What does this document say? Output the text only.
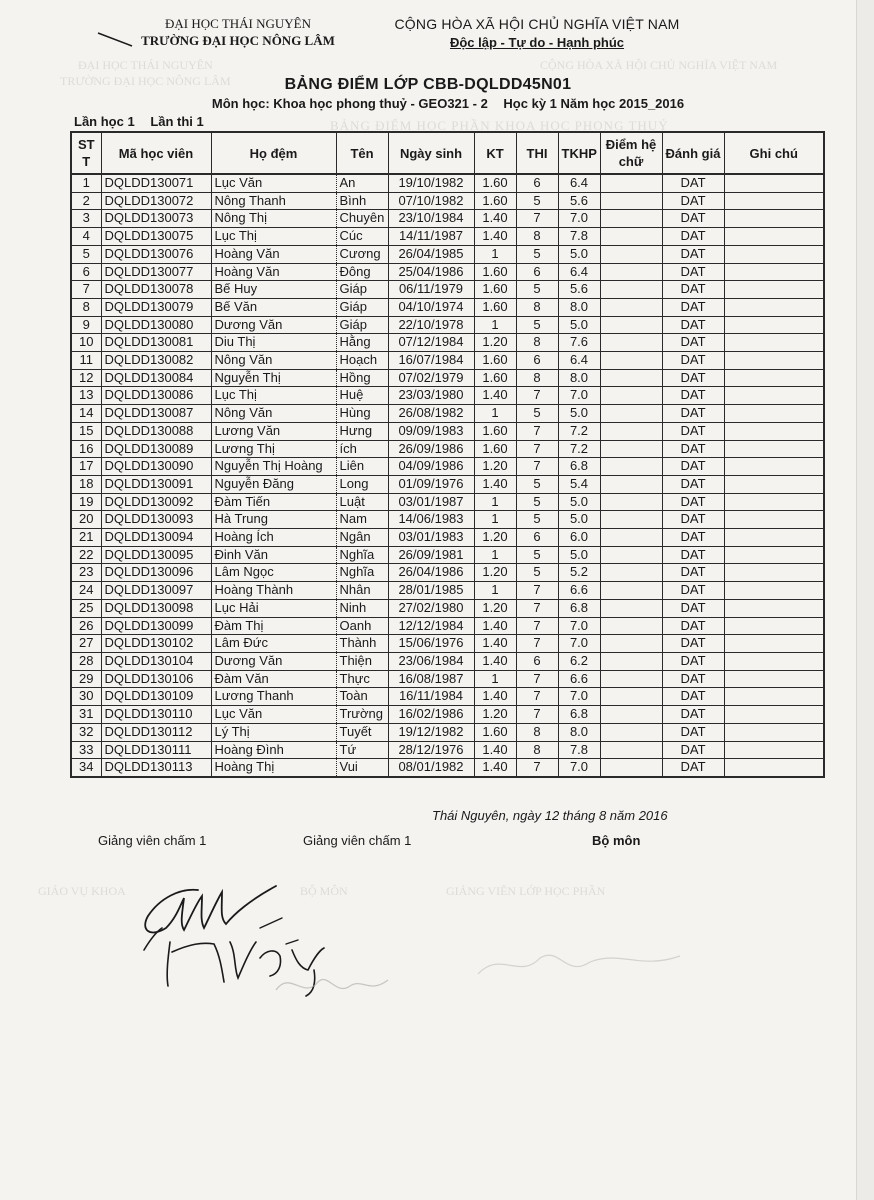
ĐẠI HỌC THÁI NGUYÊN
TRƯỜNG ĐẠI HỌC NÔNG LÂM
CỘNG HÒA XÃ HỘI CHỦ NGHĨA VIỆT NAM
BẢNG ĐIỂM HỌC PHẦN KHOA HỌC PHONG THUỶ
BỘ MÔN	GIẢNG VIÊN LỚP HỌC PHẦN
GIÁO VỤ KHOA
ĐẠI HỌC THÁI NGUYÊN
TRƯỜNG ĐẠI HỌC NÔNG LÂM
CỘNG HÒA XÃ HỘI CHỦ NGHĨA VIỆT NAM
Độc lập - Tự do - Hạnh phúc
BẢNG ĐIỂM LỚP CBB-DQLDD45N01
Môn học: Khoa học phong thuỷ - GEO321 - 2 Học kỳ 1 Năm học 2015_2016
Lần học 1 Lần thi 1
ST T	Mã học viên	Họ đệm	Tên	Ngày sinh	KT	THI	TKHP	Điểm hệ chữ	Đánh giá	Ghi chú
1	DQLDD130071	Lục Văn	An	19/10/1982	1.60	6	6.4		DAT	
2	DQLDD130072	Nông Thanh	Bình	07/10/1982	1.60	5	5.6		DAT	
3	DQLDD130073	Nông Thị	Chuyên	23/10/1984	1.40	7	7.0		DAT	
4	DQLDD130075	Lục Thị	Cúc	14/11/1987	1.40	8	7.8		DAT	
5	DQLDD130076	Hoàng Văn	Cương	26/04/1985	1	5	5.0		DAT	
6	DQLDD130077	Hoàng Văn	Đông	25/04/1986	1.60	6	6.4		DAT	
7	DQLDD130078	Bế Huy	Giáp	06/11/1979	1.60	5	5.6		DAT	
8	DQLDD130079	Bế Văn	Giáp	04/10/1974	1.60	8	8.0		DAT	
9	DQLDD130080	Dương Văn	Giáp	22/10/1978	1	5	5.0		DAT	
10	DQLDD130081	Diu Thị	Hằng	07/12/1984	1.20	8	7.6		DAT	
11	DQLDD130082	Nông Văn	Hoạch	16/07/1984	1.60	6	6.4		DAT	
12	DQLDD130084	Nguyễn Thị	Hồng	07/02/1979	1.60	8	8.0		DAT	
13	DQLDD130086	Lục Thị	Huệ	23/03/1980	1.40	7	7.0		DAT	
14	DQLDD130087	Nông Văn	Hùng	26/08/1982	1	5	5.0		DAT	
15	DQLDD130088	Lương Văn	Hưng	09/09/1983	1.60	7	7.2		DAT	
16	DQLDD130089	Lương Thị	ích	26/09/1986	1.60	7	7.2		DAT	
17	DQLDD130090	Nguyễn Thị Hoàng	Liên	04/09/1986	1.20	7	6.8		DAT	
18	DQLDD130091	Nguyễn Đăng	Long	01/09/1976	1.40	5	5.4		DAT	
19	DQLDD130092	Đàm Tiến	Luật	03/01/1987	1	5	5.0		DAT	
20	DQLDD130093	Hà Trung	Nam	14/06/1983	1	5	5.0		DAT	
21	DQLDD130094	Hoàng Ích	Ngân	03/01/1983	1.20	6	6.0		DAT	
22	DQLDD130095	Đinh Văn	Nghĩa	26/09/1981	1	5	5.0		DAT	
23	DQLDD130096	Lâm Ngọc	Nghĩa	26/04/1986	1.20	5	5.2		DAT	
24	DQLDD130097	Hoàng Thành	Nhân	28/01/1985	1	7	6.6		DAT	
25	DQLDD130098	Lục Hải	Ninh	27/02/1980	1.20	7	6.8		DAT	
26	DQLDD130099	Đàm Thị	Oanh	12/12/1984	1.40	7	7.0		DAT	
27	DQLDD130102	Lâm Đức	Thành	15/06/1976	1.40	7	7.0		DAT	
28	DQLDD130104	Dương Văn	Thiện	23/06/1984	1.40	6	6.2		DAT	
29	DQLDD130106	Đàm Văn	Thực	16/08/1987	1	7	6.6		DAT	
30	DQLDD130109	Lương Thanh	Toàn	16/11/1984	1.40	7	7.0		DAT	
31	DQLDD130110	Lục Văn	Trường	16/02/1986	1.20	7	6.8		DAT	
32	DQLDD130112	Lý Thị	Tuyết	19/12/1982	1.60	8	8.0		DAT	
33	DQLDD130111	Hoàng Đình	Tứ	28/12/1976	1.40	8	7.8		DAT	
34	DQLDD130113	Hoàng Thị	Vui	08/01/1982	1.40	7	7.0		DAT	
Thái Nguyên, ngày 12 tháng 8 năm 2016
Giảng viên chấm 1	Giảng viên chấm 1	Bộ môn
